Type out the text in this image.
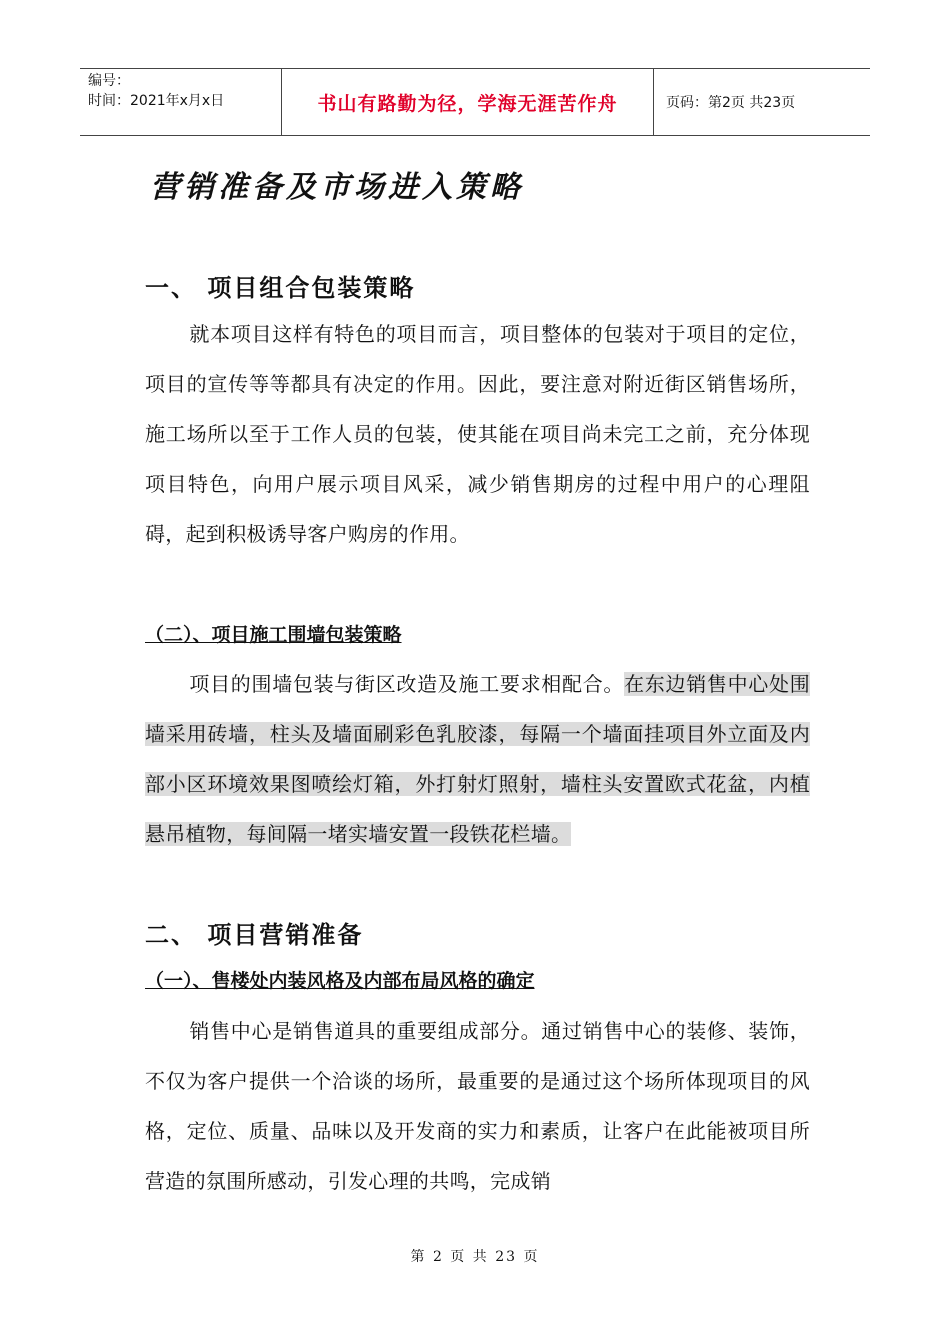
编号：
时间：2021年x月x日	书山有路勤为径，学海无涯苦作舟	页码：第2页 共23页
营销准备及市场进入策略
一、 项目组合包装策略

就本项目这样有特色的项目而言，项目整体的包装对于项目的定位，项目的宣传等等都具有决定的作用。因此，要注意对附近街区销售场所，施工场所以至于工作人员的包装，使其能在项目尚未完工之前，充分体现项目特色，向用户展示项目风采，减少销售期房的过程中用户的心理阻碍，起到积极诱导客户购房的作用。

（二）、项目施工围墙包装策略

项目的围墙包装与街区改造及施工要求相配合。在东边销售中心处围墙采用砖墙，柱头及墙面刷彩色乳胶漆，每隔一个墙面挂项目外立面及内部小区环境效果图喷绘灯箱，外打射灯照射，墙柱头安置欧式花盆，内植悬吊植物，每间隔一堵实墙安置一段铁花栏墙。

二、 项目营销准备
（一）、售楼处内装风格及内部布局风格的确定

销售中心是销售道具的重要组成部分。通过销售中心的装修、装饰，不仅为客户提供一个洽谈的场所，最重要的是通过这个场所体现项目的风格，定位、质量、品味以及开发商的实力和素质，让客户在此能被项目所营造的氛围所感动，引发心理的共鸣，完成销

第 2 页 共 23 页
